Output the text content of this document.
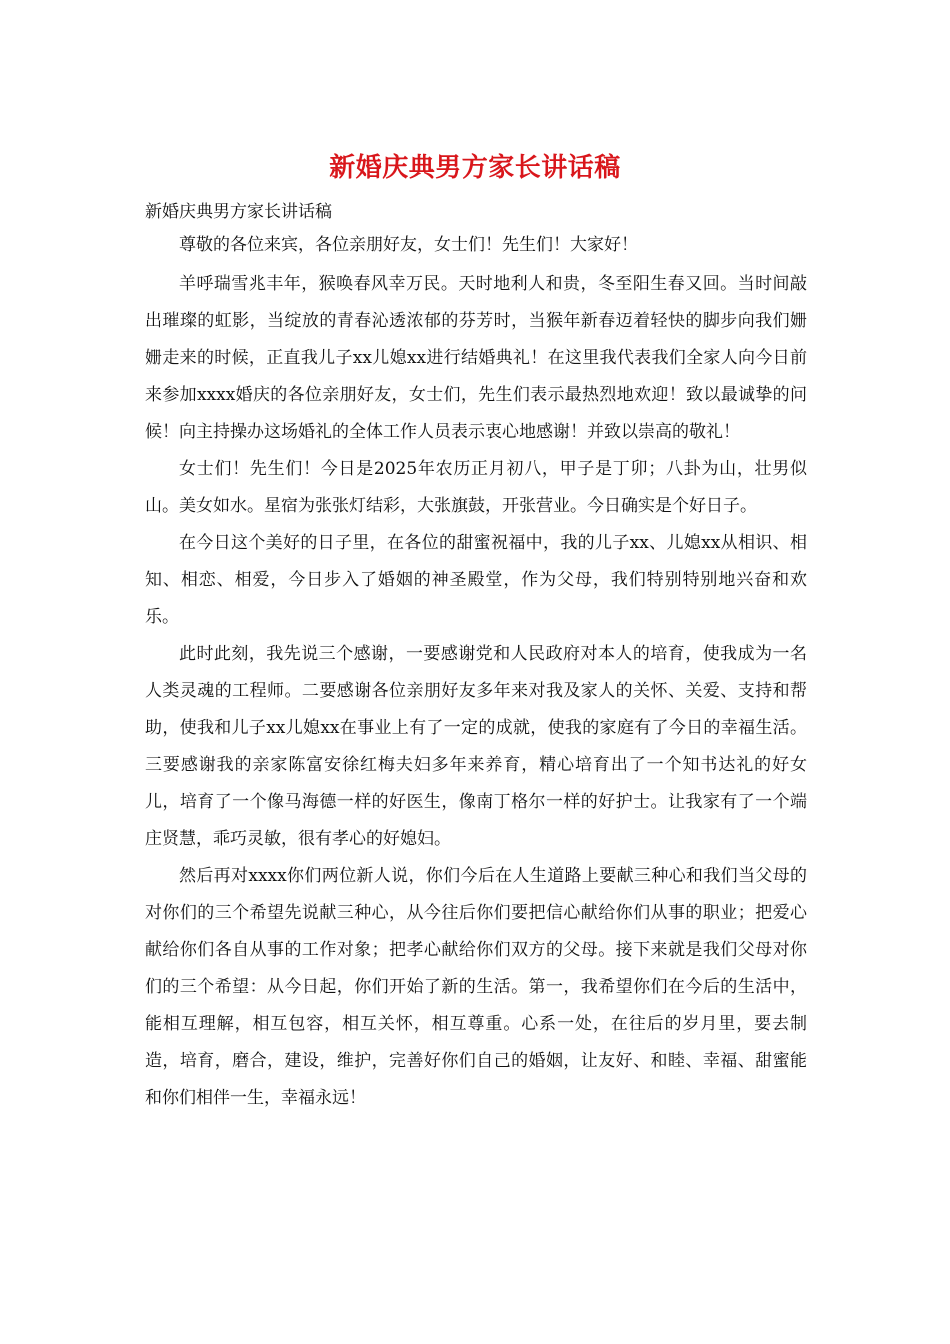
新婚庆典男方家长讲话稿

新婚庆典男方家长讲话稿

尊敬的各位来宾，各位亲朋好友，女士们！先生们！大家好！

羊呼瑞雪兆丰年，猴唤春风幸万民。天时地利人和贵，冬至阳生春又回。当时间敲出璀璨的虹影，当绽放的青春沁透浓郁的芬芳时，当猴年新春迈着轻快的脚步向我们姗姗走来的时候，正直我儿子xx儿媳xx进行结婚典礼！在这里我代表我们全家人向今日前来参加xxxx婚庆的各位亲朋好友，女士们，先生们表示最热烈地欢迎！致以最诚挚的问候！向主持操办这场婚礼的全体工作人员表示衷心地感谢！并致以崇高的敬礼！

女士们！先生们！今日是2025年农历正月初八，甲子是丁卯；八卦为山，壮男似山。美女如水。星宿为张张灯结彩，大张旗鼓，开张营业。今日确实是个好日子。

在今日这个美好的日子里，在各位的甜蜜祝福中，我的儿子xx、儿媳xx从相识、相知、相恋、相爱，今日步入了婚姻的神圣殿堂，作为父母，我们特别特别地兴奋和欢乐。

此时此刻，我先说三个感谢，一要感谢党和人民政府对本人的培育，使我成为一名人类灵魂的工程师。二要感谢各位亲朋好友多年来对我及家人的关怀、关爱、支持和帮助，使我和儿子xx儿媳xx在事业上有了一定的成就，使我的家庭有了今日的幸福生活。三要感谢我的亲家陈富安徐红梅夫妇多年来养育，精心培育出了一个知书达礼的好女儿，培育了一个像马海德一样的好医生，像南丁格尔一样的好护士。让我家有了一个端庄贤慧，乖巧灵敏，很有孝心的好媳妇。

然后再对xxxx你们两位新人说，你们今后在人生道路上要献三种心和我们当父母的对你们的三个希望先说献三种心，从今往后你们要把信心献给你们从事的职业；把爱心献给你们各自从事的工作对象；把孝心献给你们双方的父母。接下来就是我们父母对你们的三个希望：从今日起，你们开始了新的生活。第一，我希望你们在今后的生活中，能相互理解，相互包容，相互关怀，相互尊重。心系一处，在往后的岁月里，要去制造，培育，磨合，建设，维护，完善好你们自己的婚姻，让友好、和睦、幸福、甜蜜能和你们相伴一生，幸福永远！
